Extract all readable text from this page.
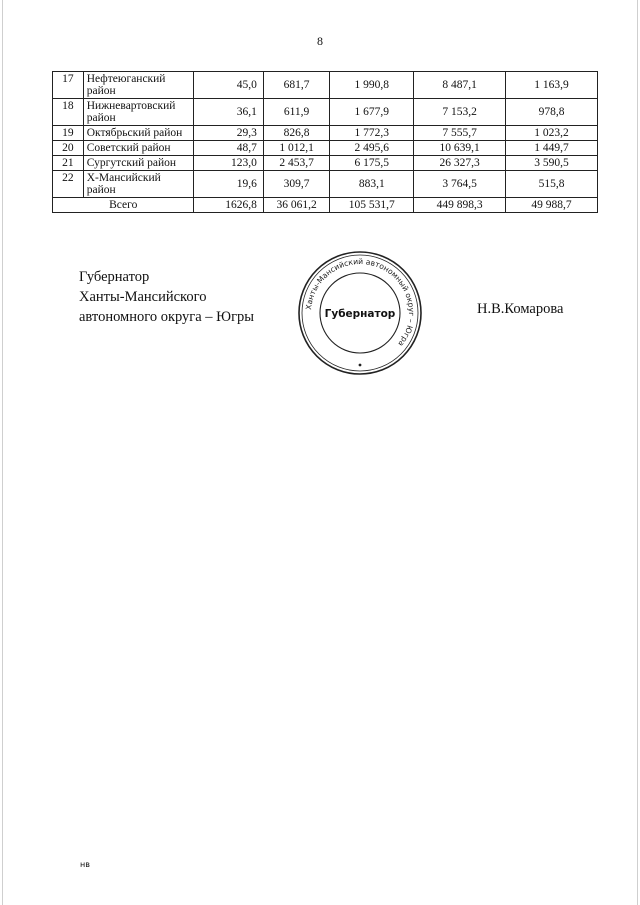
8
17	Нефтеюганский район	45,0	681,7	1 990,8	8 487,1	1 163,9
18	Нижневартовский район	36,1	611,9	1 677,9	7 153,2	978,8
19	Октябрьский район	29,3	826,8	1 772,3	7 555,7	1 023,2
20	Советский район	48,7	1 012,1	2 495,6	10 639,1	1 449,7
21	Сургутский район	123,0	2 453,7	6 175,5	26 327,3	3 590,5
22	Х-Мансийский район	19,6	309,7	883,1	3 764,5	515,8
Всего		1626,8	36 061,2	105 531,7	449 898,3	49 988,7
Губернатор
Ханты-Мансийского
автономного округа – Югры
Ханты-Мансийский автономный округ – Югра
Губернатор	Н.В.Комарова
нв
